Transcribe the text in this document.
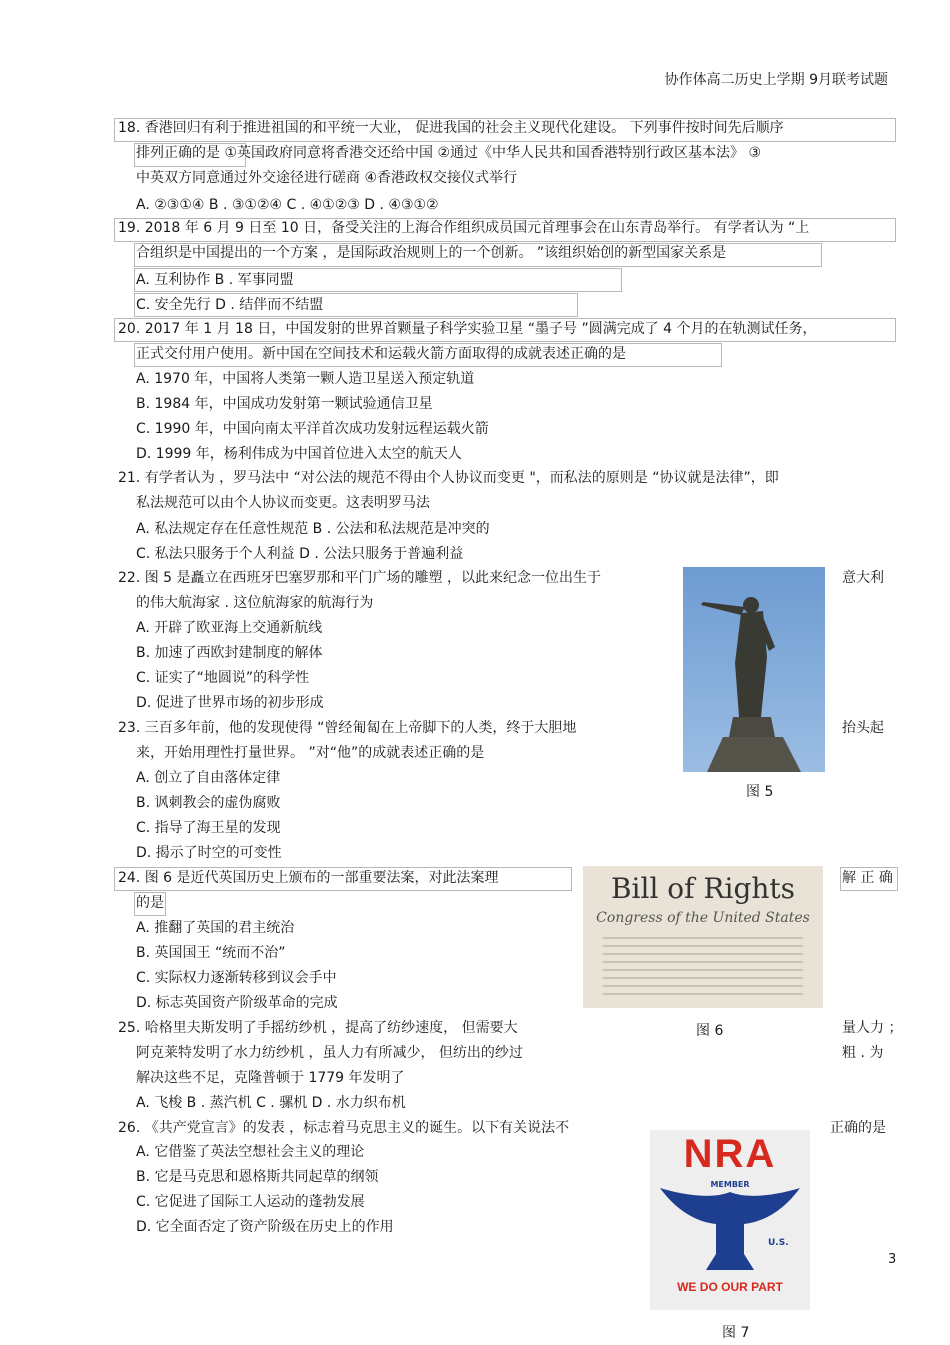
协作体高二历史上学期 9月联考试题
18. 香港回归有利于推进祖国的和平统一大业， 促进我国的社会主义现代化建设。 下列事件按时间先后顺序
排列正确的是 ①英国政府同意将香港交还给中国 ②通过《中华人民共和国香港特别行政区基本法》 ③
中英双方同意通过外交途径进行磋商 ④香港政权交接仪式举行
A. ②③①④ B . ③①②④ C . ④①②③ D . ④③①②
19. 2018 年 6 月 9 日至 10 日，备受关注的上海合作组织成员国元首理事会在山东青岛举行。 有学者认为 “上
合组织是中国提出的一个方案 ，是国际政治规则上的一个创新。 ”该组织始创的新型国家关系是
A. 互利协作 B . 军事同盟
C. 安全先行 D . 结伴而不结盟
20. 2017 年 1 月 18 日，中国发射的世界首颗量子科学实验卫星 “墨子号 ”圆满完成了 4 个月的在轨测试任务，
正式交付用户使用。新中国在空间技术和运载火箭方面取得的成就表述正确的是
A. 1970 年，中国将人类第一颗人造卫星送入预定轨道
B. 1984 年，中国成功发射第一颗试验通信卫星
C. 1990 年，中国向南太平洋首次成功发射远程运载火箭
D. 1999 年，杨利伟成为中国首位进入太空的航天人
21. 有学者认为 ，罗马法中 “对公法的规范不得由个人协议而变更 "，而私法的原则是 “协议就是法律”，即
私法规范可以由个人协议而变更。这表明罗马法
A. 私法规定存在任意性规范 B . 公法和私法规范是冲突的
C. 私法只服务于个人利益 D . 公法只服务于普遍利益
22. 图 5 是矗立在西班牙巴塞罗那和平门广场的雕塑 ，以此来纪念一位出生于	意大利
的伟大航海家 . 这位航海家的航海行为
A. 开辟了欧亚海上交通新航线
B. 加速了西欧封建制度的解体
C. 证实了“地圆说”的科学性
D. 促进了世界市场的初步形成
23. 三百多年前，他的发现使得 “曾经匍匐在上帝脚下的人类，终于大胆地	抬头起
来，开始用理性打量世界。 ”对“他”的成就表述正确的是
A. 创立了自由落体定律
B. 讽刺教会的虚伪腐败
C. 指导了海王星的发现
D. 揭示了时空的可变性
24. 图 6 是近代英国历史上颁布的一部重要法案，对此法案理	解 正 确
的是
A. 推翻了英国的君主统治
B. 英国国王 “统而不治”
C. 实际权力逐渐转移到议会手中
D. 标志英国资产阶级革命的完成
25. 哈格里夫斯发明了手摇纺纱机 ，提高了纺纱速度， 但需要大	量人力 ；
阿克莱特发明了水力纺纱机 ，虽人力有所减少， 但纺出的纱过	粗 . 为
解决这些不足，克隆普顿于 1779 年发明了
A. 飞梭 B . 蒸汽机 C . 骡机 D . 水力织布机
26. 《共产党宣言》的发表 ，标志着马克思主义的诞生。以下有关说法不	正确的是
A. 它借鉴了英法空想社会主义的理论
B. 它是马克思和恩格斯共同起草的纲领
C. 它促进了国际工人运动的蓬勃发展
D. 它全面否定了资产阶级在历史上的作用
图 5
Bill of Rights
Congress of the United States
图 6
NRA
MEMBER
U.S.
WE DO OUR PART
图 7
3
